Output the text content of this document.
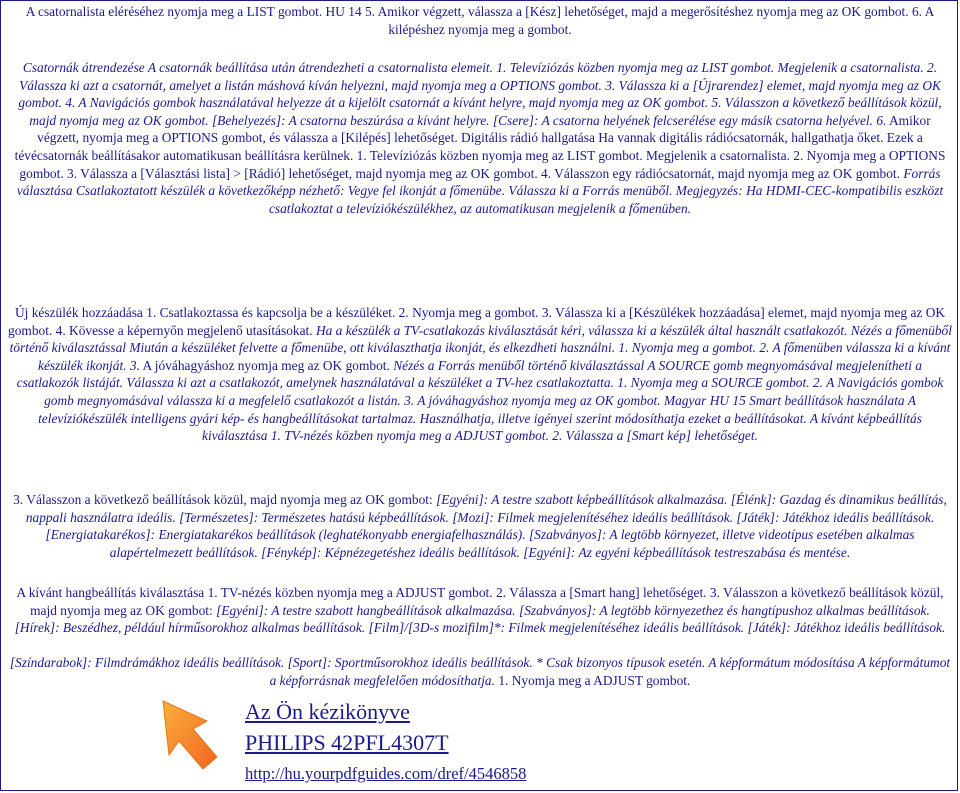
A csatornalista eléréséhez nyomja meg a LIST gombot. HU 14 5. Amikor végzett, válassza a [Kész] lehetőséget, majd a megerősítéshez nyomja meg az OK gombot. 6. A kilépéshez nyomja meg a gombot.

Csatornák átrendezése A csatornák beállítása után átrendezheti a csatornalista elemeit. 1. Televíziózás közben nyomja meg az LIST gombot. Megjelenik a csatornalista. 2. Válassza ki azt a csatornát, amelyet a listán máshová kíván helyezni, majd nyomja meg a OPTIONS gombot. 3. Válassza ki a [Újrarendez] elemet, majd nyomja meg az OK gombot. 4. A Navigációs gombok használatával helyezze át a kijelölt csatornát a kívánt helyre, majd nyomja meg az OK gombot. 5. Válasszon a következő beállítások közül, majd nyomja meg az OK gombot. [Behelyezés]: A csatorna beszúrása a kívánt helyre. [Csere]: A csatorna helyének felcserélése egy másik csatorna helyével. 6. Amikor végzett, nyomja meg a OPTIONS gombot, és válassza a [Kilépés] lehetőséget. Digitális rádió hallgatása Ha vannak digitális rádiócsatornák, hallgathatja őket. Ezek a tévécsatornák beállításakor automatikusan beállításra kerülnek. 1. Televíziózás közben nyomja meg az LIST gombot. Megjelenik a csatornalista. 2. Nyomja meg a OPTIONS gombot. 3. Válassza a [Választási lista] > [Rádió] lehetőséget, majd nyomja meg az OK gombot. 4. Válasszon egy rádiócsatornát, majd nyomja meg az OK gombot. Forrás választása Csatlakoztatott készülék a következőképp nézhető: Vegye fel ikonját a főmenübe. Válassza ki a Forrás menüből. Megjegyzés: Ha HDMI-CEC-kompatibilis eszközt csatlakoztat a televíziókészülékhez, az automatikusan megjelenik a főmenüben.

Új készülék hozzáadása 1. Csatlakoztassa és kapcsolja be a készüléket. 2. Nyomja meg a gombot. 3. Válassza ki a [Készülékek hozzáadása] elemet, majd nyomja meg az OK gombot. 4. Kövesse a képernyőn megjelenő utasításokat. Ha a készülék a TV-csatlakozás kiválasztását kéri, válassza ki a készülék által használt csatlakozót. Nézés a főmenüből történő kiválasztással Miután a készüléket felvette a főmenübe, ott kiválaszthatja ikonját, és elkezdheti használni. 1. Nyomja meg a gombot. 2. A főmenüben válassza ki a kívánt készülék ikonját. 3. A jóváhagyáshoz nyomja meg az OK gombot. Nézés a Forrás menüből történő kiválasztással A SOURCE gomb megnyomásával megjelenítheti a csatlakozók listáját. Válassza ki azt a csatlakozót, amelynek használatával a készüléket a TV-hez csatlakoztatta. 1. Nyomja meg a SOURCE gombot. 2. A Navigációs gombok gomb megnyomásával válassza ki a megfelelő csatlakozót a listán. 3. A jóváhagyáshoz nyomja meg az OK gombot. Magyar HU 15 Smart beállítások használata A televíziókészülék intelligens gyári kép- és hangbeállításokat tartalmaz. Használhatja, illetve igényei szerint módosíthatja ezeket a beállításokat. A kívánt képbeállítás kiválasztása 1. TV-nézés közben nyomja meg a ADJUST gombot. 2. Válassza a [Smart kép] lehetőséget.

3. Válasszon a következő beállítások közül, majd nyomja meg az OK gombot: [Egyéni]: A testre szabott képbeállítások alkalmazása. [Élénk]: Gazdag és dinamikus beállítás, nappali használatra ideális. [Természetes]: Természetes hatású képbeállítások. [Mozi]: Filmek megjelenítéséhez ideális beállítások. [Játék]: Játékhoz ideális beállítások. [Energiatakarékos]: Energiatakarékos beállítások (leghatékonyabb energiafelhasználás). [Szabványos]: A legtöbb környezet, illetve videotípus esetében alkalmas alapértelmezett beállítások. [Fénykép]: Képnézegetéshez ideális beállítások. [Egyéni]: Az egyéni képbeállítások testreszabása és mentése.

A kívánt hangbeállítás kiválasztása 1. TV-nézés közben nyomja meg a ADJUST gombot. 2. Válassza a [Smart hang] lehetőséget. 3. Válasszon a következő beállítások közül, majd nyomja meg az OK gombot: [Egyéni]: A testre szabott hangbeállítások alkalmazása. [Szabványos]: A legtöbb környezethez és hangtípushoz alkalmas beállítások. [Hírek]: Beszédhez, például hírműsorokhoz alkalmas beállítások. [Film]/[3D-s mozifilm]*: Filmek megjelenítéséhez ideális beállítások. [Játék]: Játékhoz ideális beállítások.

[Színdarabok]: Filmdrámákhoz ideális beállítások. [Sport]: Sportműsorokhoz ideális beállítások. * Csak bizonyos típusok esetén. A képformátum módosítása A képformátumot a képforrásnak megfelelően módosíthatja. 1. Nyomja meg a ADJUST gombot.

Az Ön kézikönyve
PHILIPS 42PFL4307T
http://hu.yourpdfguides.com/dref/4546858
